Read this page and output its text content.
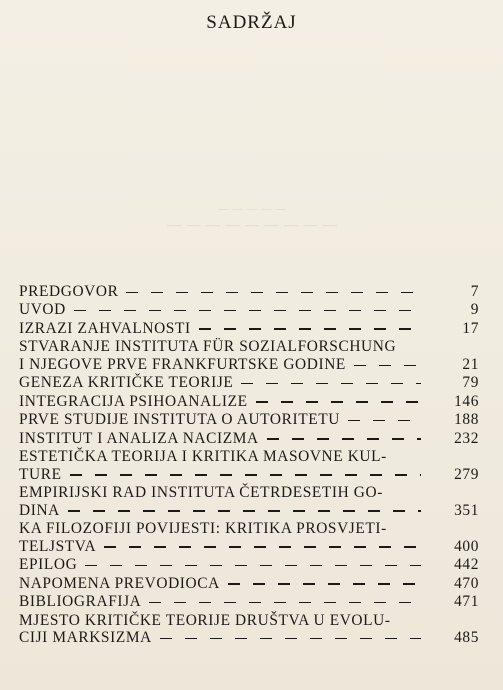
SADRŽAJ
— — — — —
— — — — — — — — —
PREDGOVOR	7
UVOD	9
IZRAZI ZAHVALNOSTI	17
STVARANJE INSTITUTA FÜR SOZIALFORSCHUNG
I NJEGOVE PRVE FRANKFURTSKE GODINE	21
GENEZA KRITIČKE TEORIJE	79
INTEGRACIJA PSIHOANALIZE	146
PRVE STUDIJE INSTITUTA O AUTORITETU	188
INSTITUT I ANALIZA NACIZMA	232
ESTETIČKA TEORIJA I KRITIKA MASOVNE KUL-
TURE	279
EMPIRIJSKI RAD INSTITUTA ČETRDESETIH GO-
DINA	351
KA FILOZOFIJI POVIJESTI: KRITIKA PROSVJETI-
TELJSTVA	400
EPILOG	442
NAPOMENA PREVODIOCA	470
BIBLIOGRAFIJA	471
MJESTO KRITIČKE TEORIJE DRUŠTVA U EVOLU-
CIJI MARKSIZMA	485
